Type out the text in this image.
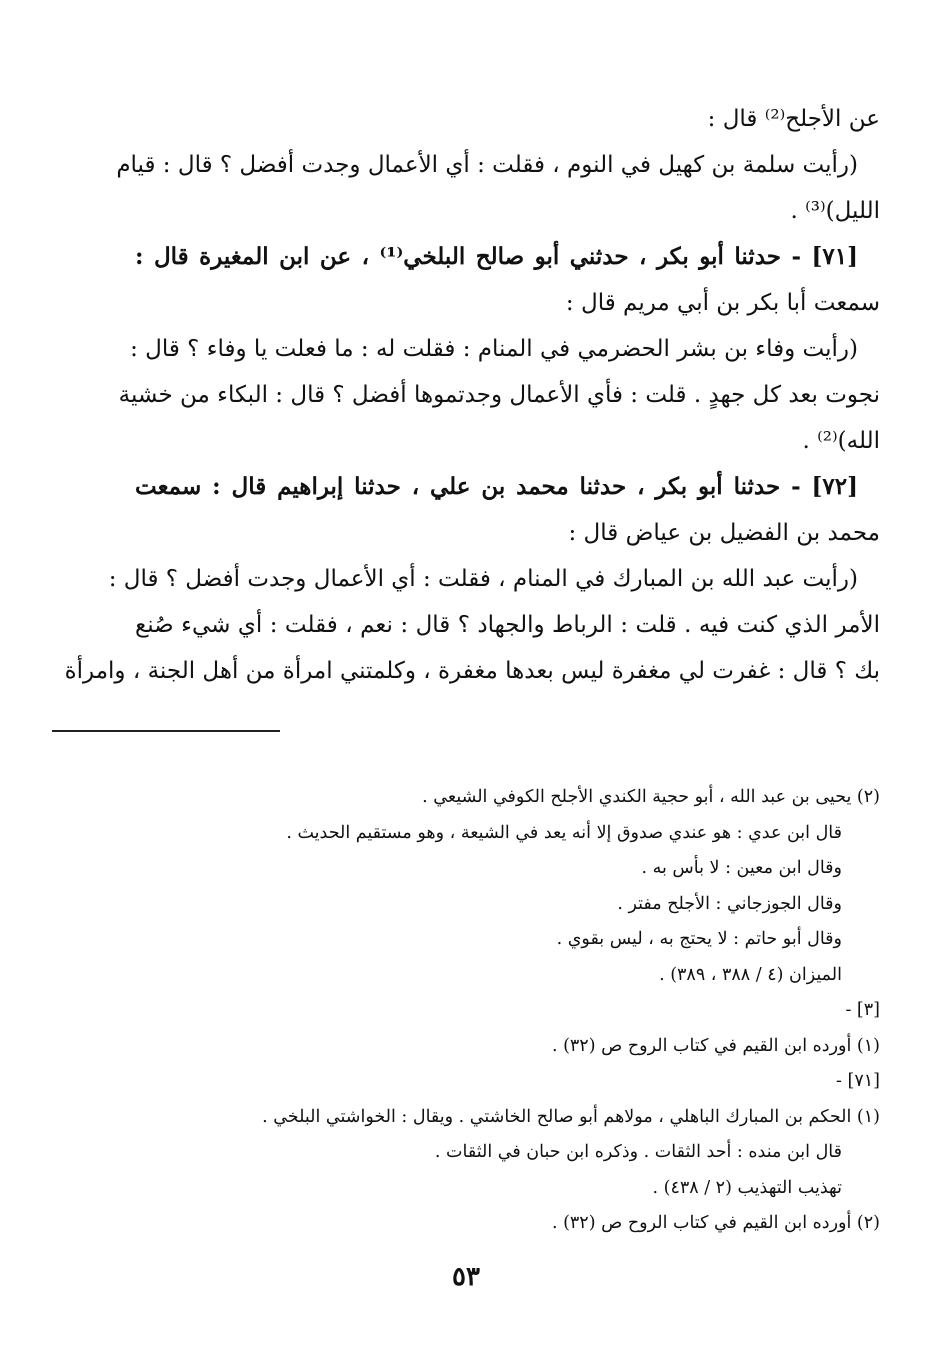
عن الأجلح⁽²⁾ قال :
(رأيت سلمة بن كهيل في النوم ، فقلت : أي الأعمال وجدت أفضل ؟ قال : قيام
الليل)⁽³⁾ .
[٧١] - حدثنا أبو بكر ، حدثني أبو صالح البلخي⁽¹⁾ ، عن ابن المغيرة قال :
سمعت أبا بكر بن أبي مريم قال :
(رأيت وفاء بن بشر الحضرمي في المنام : فقلت له : ما فعلت يا وفاء ؟ قال :
نجوت بعد كل جهدٍ . قلت : فأي الأعمال وجدتموها أفضل ؟ قال : البكاء من خشية
الله)⁽²⁾ .
[٧٢] - حدثنا أبو بكر ، حدثنا محمد بن علي ، حدثنا إبراهيم قال : سمعت
محمد بن الفضيل بن عياض قال :
(رأيت عبد الله بن المبارك في المنام ، فقلت : أي الأعمال وجدت أفضل ؟ قال :
الأمر الذي كنت فيه . قلت : الرباط والجهاد ؟ قال : نعم ، فقلت : أي شيء صُنع
بك ؟ قال : غفرت لي مغفرة ليس بعدها مغفرة ، وكلمتني امرأة من أهل الجنة ، وامرأة
(٢) يحيى بن عبد الله ، أبو حجية الكندي الأجلح الكوفي الشيعي .
قال ابن عدي : هو عندي صدوق إلا أنه يعد في الشيعة ، وهو مستقيم الحديث .
وقال ابن معين : لا بأس به .
وقال الجوزجاني : الأجلح مفتر .
وقال أبو حاتم : لا يحتج به ، ليس بقوي .
الميزان (٤ / ٣٨٨ ، ٣٨٩) .
[٣] -
(١) أورده ابن القيم في كتاب الروح ص (٣٢) .
[٧١] -
(١) الحكم بن المبارك الباهلي ، مولاهم أبو صالح الخاشتي . ويقال : الخواشتي البلخي .
قال ابن منده : أحد الثقات . وذكره ابن حبان في الثقات .
تهذيب التهذيب (٢ / ٤٣٨) .
(٢) أورده ابن القيم في كتاب الروح ص (٣٢) .
٥٣
